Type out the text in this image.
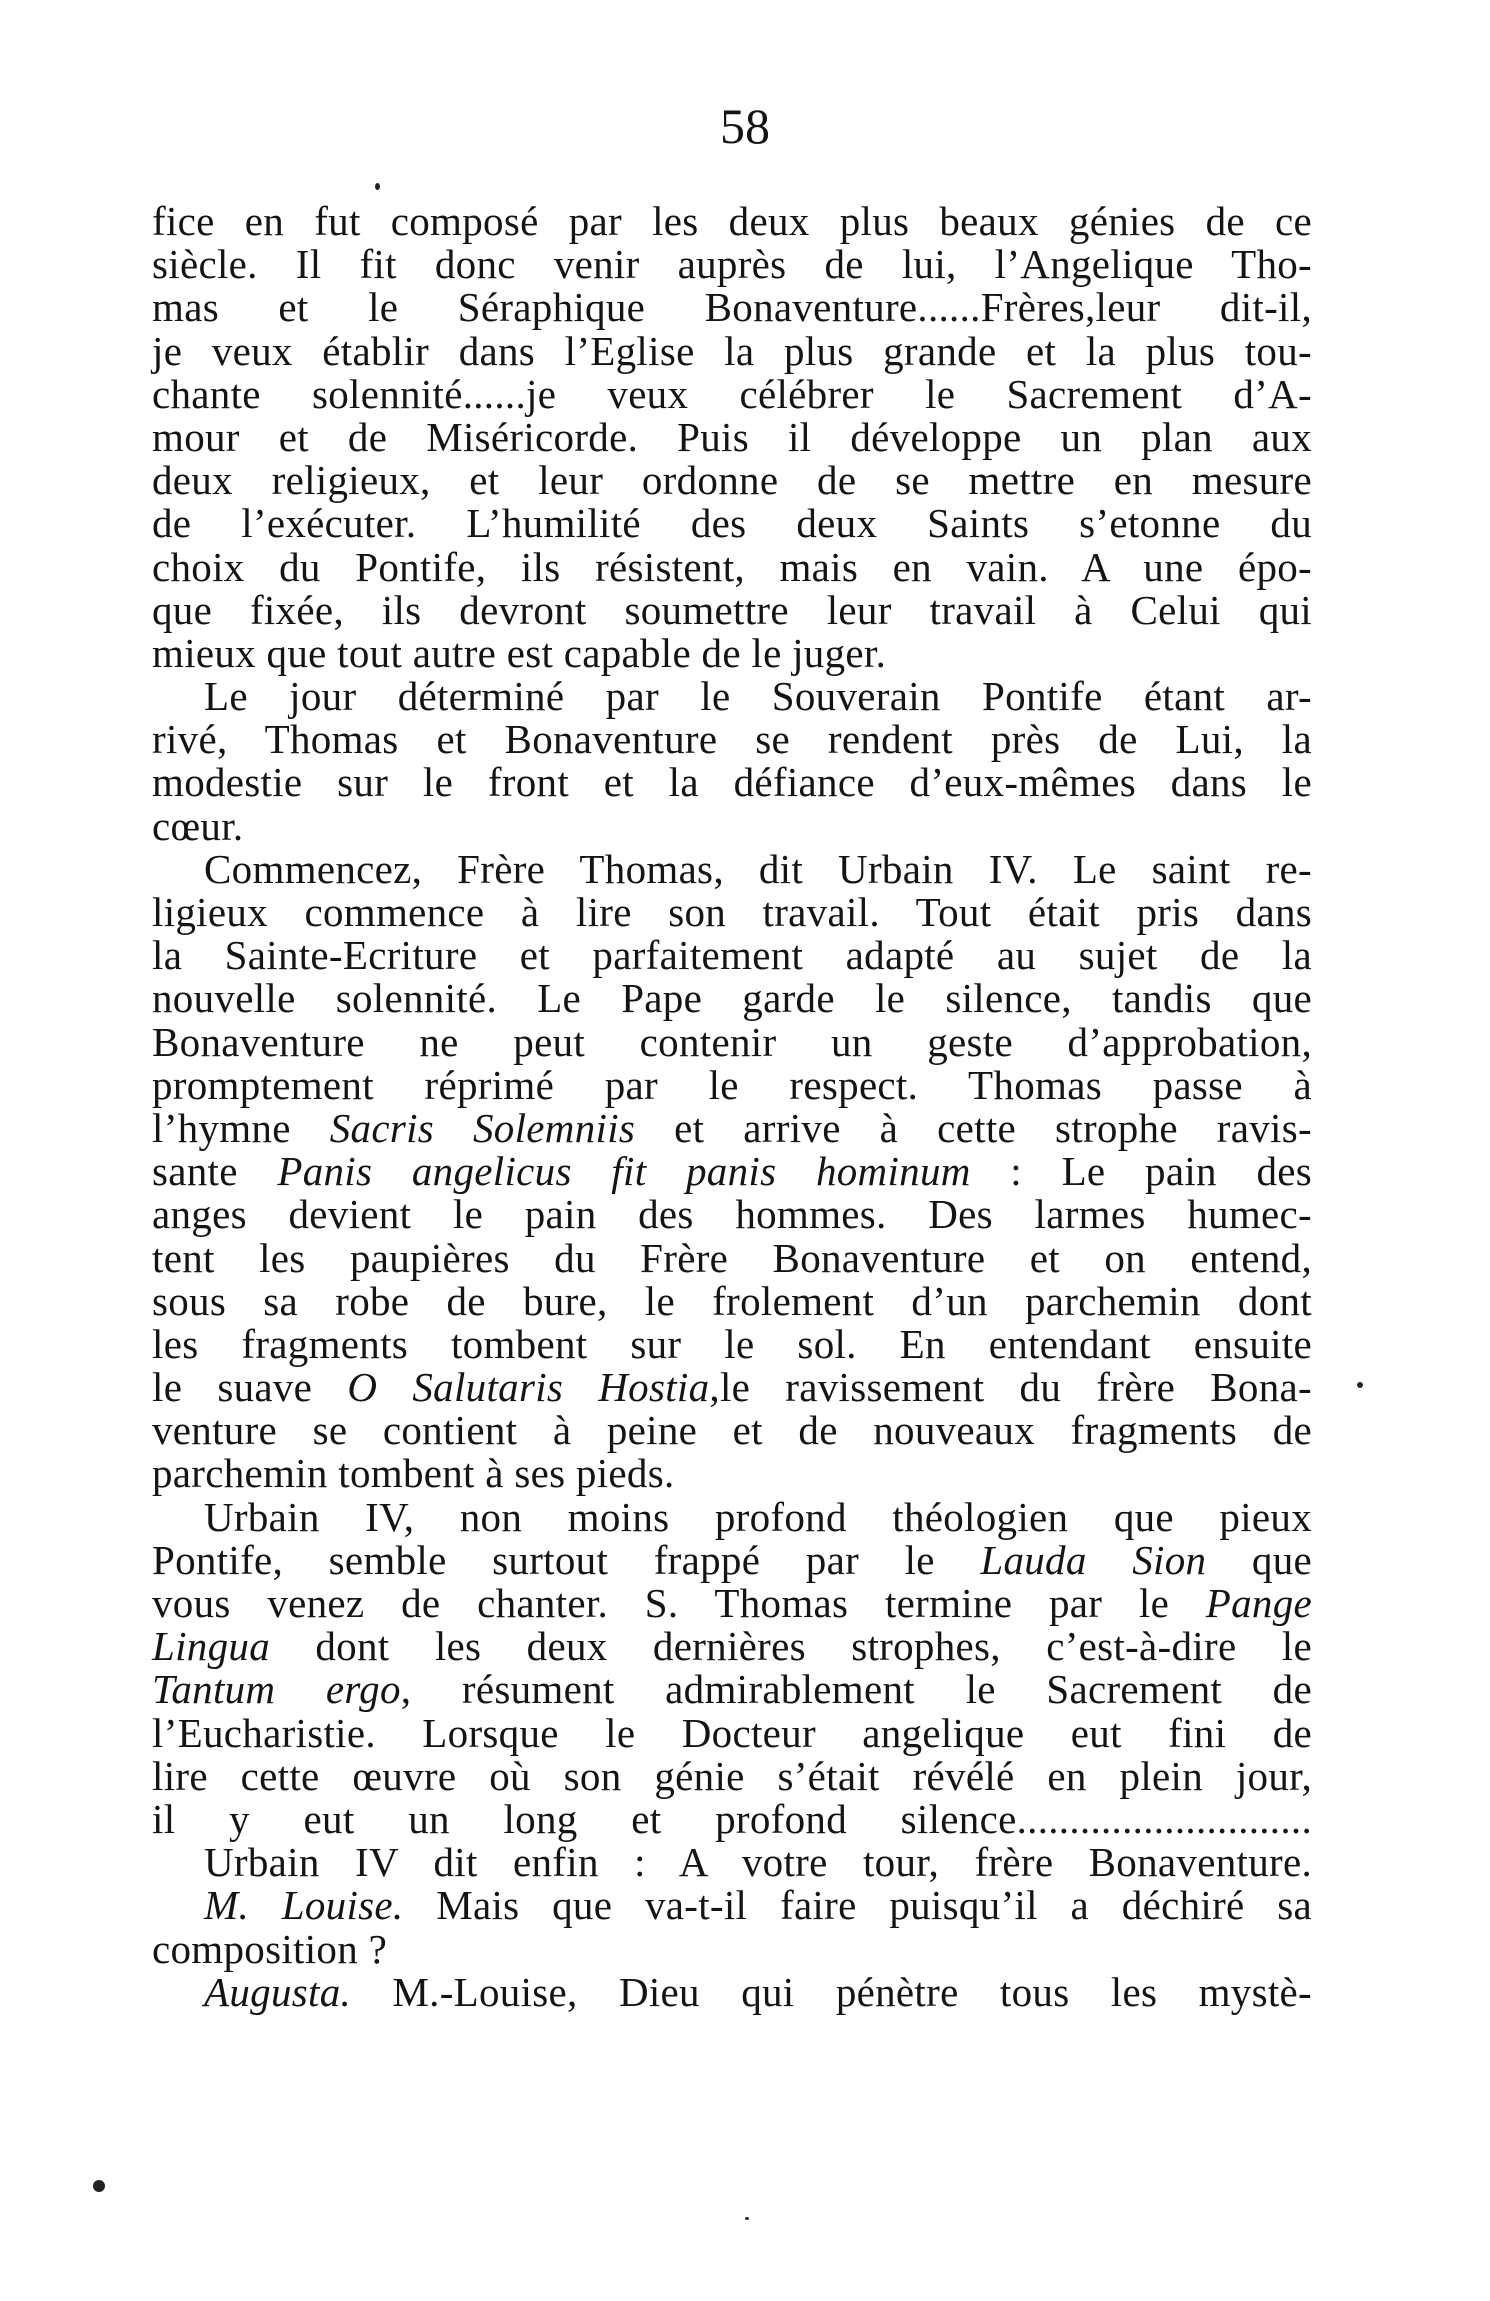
58
fice en fut composé par les deux plus beaux génies de ce
siècle. Il fit donc venir auprès de lui, l’Angelique Tho-
mas et le Séraphique Bonaventure......Frères,leur dit-il,
je veux établir dans l’Eglise la plus grande et la plus tou-
chante solennité......je veux célébrer le Sacrement d’A-
mour et de Miséricorde. Puis il développe un plan aux
deux religieux, et leur ordonne de se mettre en mesure
de l’exécuter. L’humilité des deux Saints s’etonne du
choix du Pontife, ils résistent, mais en vain. A une épo-
que fixée, ils devront soumettre leur travail à Celui qui
mieux que tout autre est capable de le juger.
Le jour déterminé par le Souverain Pontife étant ar-
rivé, Thomas et Bonaventure se rendent près de Lui, la
modestie sur le front et la défiance d’eux-mêmes dans le
cœur.
Commencez, Frère Thomas, dit Urbain IV. Le saint re-
ligieux commence à lire son travail. Tout était pris dans
la Sainte-Ecriture et parfaitement adapté au sujet de la
nouvelle solennité. Le Pape garde le silence, tandis que
Bonaventure ne peut contenir un geste d’approbation,
promptement réprimé par le respect. Thomas passe à
l’hymne Sacris Solemniis et arrive à cette strophe ravis-
sante Panis angelicus fit panis hominum : Le pain des
anges devient le pain des hommes. Des larmes humec-
tent les paupières du Frère Bonaventure et on entend,
sous sa robe de bure, le frolement d’un parchemin dont
les fragments tombent sur le sol. En entendant ensuite
le suave O Salutaris Hostia,le ravissement du frère Bona-
venture se contient à peine et de nouveaux fragments de
parchemin tombent à ses pieds.
Urbain IV, non moins profond théologien que pieux
Pontife, semble surtout frappé par le Lauda Sion que
vous venez de chanter. S. Thomas termine par le Pange
Lingua dont les deux dernières strophes, c’est-à-dire le
Tantum ergo, résument admirablement le Sacrement de
l’Eucharistie. Lorsque le Docteur angelique eut fini de
lire cette œuvre où son génie s’était révélé en plein jour,
il y eut un long et profond silence............................
Urbain IV dit enfin : A votre tour, frère Bonaventure.
M. Louise. Mais que va-t-il faire puisqu’il a déchiré sa
composition ?
Augusta. M.-Louise, Dieu qui pénètre tous les mystè-
